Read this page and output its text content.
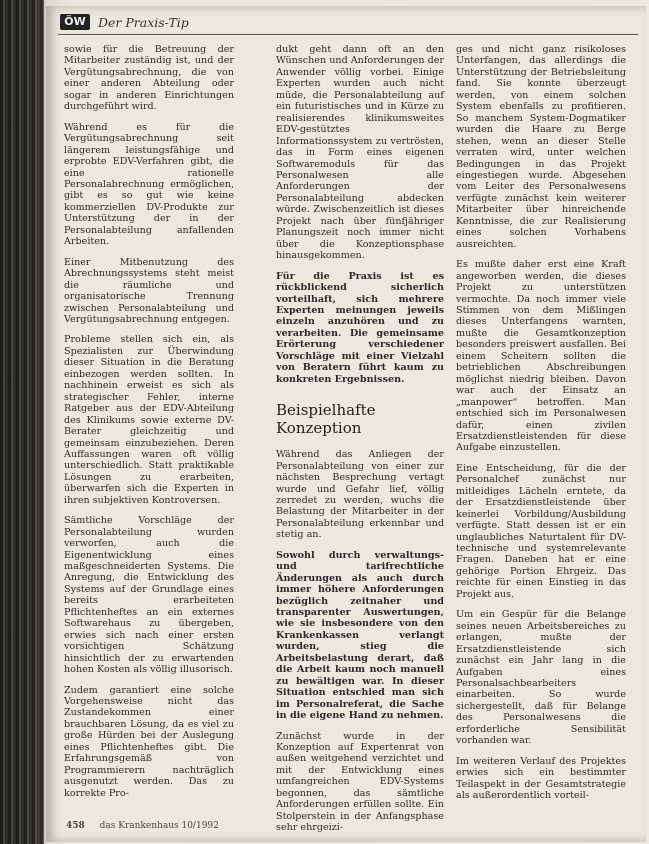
ÖW Der Praxis-Tip

sowie für die Betreuung der Mitarbeiter zuständig ist, und der Vergütungsabrechnung, die von einer anderen Abteilung oder sogar in anderen Einrichtungen durchgeführt wird.

Während es für die Vergütungsabrechnung seit längerem leistungsfähige und erprobte EDV-Verfahren gibt, die eine rationelle Personalabrechnung ermöglichen, gibt es so gut wie keine kommerziellen DV-Produkte zur Unterstützung der in der Personalabteilung anfallenden Arbeiten.

Einer Mitbenutzung des Abrechnungssystems steht meist die räumliche und organisatorische Trennung zwischen Personalabteilung und Vergütungsabrechnung entgegen.

Probleme stellen sich ein, als Spezialisten zur Überwindung dieser Situation in die Beratung einbezogen werden sollten. In nachhinein erweist es sich als strategischer Fehler, interne Ratgeber aus der EDV-Abteilung des Klinikums sowie externe DV-Berater gleichzeitig und gemeinsam einzubeziehen. Deren Auffassungen waren oft völlig unterschiedlich. Statt praktikable Lösungen zu erarbeiten, überwarfen sich die Experten in ihren subjektiven Kontroversen.

Sämtliche Vorschläge der Personalabteilung wurden verworfen, auch die Eigenentwicklung eines maßgeschneiderten Systems. Die Anregung, die Entwicklung des Systems auf der Grundlage eines bereits erarbeiteten Pflichtenheftes an ein externes Softwarehaus zu übergeben, erwies sich nach einer ersten vorsichtigen Schätzung hinsichtlich der zu erwartenden hohen Kosten als völlig illusorisch.

Zudem garantiert eine solche Vorgehensweise nicht das Zustandekommen einer brauchbaren Lösung, da es viel zu große Hürden bei der Auslegung eines Pflichtenheftes gibt. Die Erfahrungsgemäß von Programmierern nachträglich ausgenutzt werden. Das zu korrekte Pro-

dukt geht dann oft an den Wünschen und Anforderungen der Anwender völlig vorbei. Einige Experten wurden auch nicht müde, die Personalabteilung auf ein futuristisches und in Kürze zu realisierendes klinikumsweites EDV-gestütztes Informationssystem zu vertrösten, das in Form eines eigenen Softwaremoduls für das Personalwesen alle Anforderungen der Personalabteilung abdecken würde. Zwischenzeitlich ist dieses Projekt nach über fünfjähriger Planungszeit noch immer nicht über die Konzeptionsphase hinausgekommen.

Für die Praxis ist es rückblickend sicherlich vorteilhaft, sich mehrere Experten meinungen jeweils einzeln anzuhören und zu verarbeiten. Die gemeinsame Erörterung verschiedener Vorschläge mit einer Vielzahl von Beratern führt kaum zu konkreten Ergebnissen.

Beispielhafte Konzeption

Während das Anliegen der Personalabteilung von einer zur nächsten Besprechung vertagt wurde und Gefahr lief, völlig zerredet zu werden, wuchs die Belastung der Mitarbeiter in der Personalabteilung erkennbar und stetig an.

Sowohl durch verwaltungs- und tarifrechtliche Änderungen als auch durch immer höhere Anforderungen bezüglich zeitnaher und transparenter Auswertungen, wie sie insbesondere von den Krankenkassen verlangt wurden, stieg die Arbeitsbelastung derart, daß die Arbeit kaum noch manuell zu bewältigen war. In dieser Situation entschied man sich im Personalreferat, die Sache in die eigene Hand zu nehmen.

Zunächst wurde in der Konzeption auf Expertenrat von außen weitgehend verzichtet und mit der Entwicklung eines umfangreichen EDV-Systems begonnen, das sämtliche Anforderungen erfüllen sollte. Ein Stolperstein in der Anfangsphase sehr ehrgeizi-

ges und nicht ganz risikoloses Unterfangen, das allerdings die Unterstützung der Betriebsleitung fand. Sie konnte überzeugt werden, von einem solchen System ebenfalls zu profitieren. So manchem System-Dogmatiker wurden die Haare zu Berge stehen, wenn an dieser Stelle verraten wird, unter welchen Bedingungen in das Projekt eingestiegen wurde. Abgesehen vom Leiter des Personalwesens verfügte zunächst kein weiterer Mitarbeiter über hinreichende Kenntnisse, die zur Realisierung eines solchen Vorhabens ausreichten.

Es mußte daher erst eine Kraft angeworben werden, die dieses Projekt zu unterstützen vermochte. Da noch immer viele Stimmen von dem Mißlingen dieses Unterfangens warnten, mußte die Gesamtkonzeption besonders preiswert ausfallen. Bei einem Scheitern sollten die betrieblichen Abschreibungen möglichst niedrig bleiben. Davon war auch der Einsatz an „manpower“ betroffen. Man entschied sich im Personalwesen dafür, einen zivilen Ersatzdienstleistenden für diese Aufgabe einzustellen.

Eine Entscheidung, für die der Personalchef zunächst nur mitleidiges Lächeln erntete, da der Ersatzdienstleistende über keinerlei Vorbildung/Ausbildung verfügte. Statt dessen ist er ein unglaubliches Naturtalent für DV-technische und systemrelevante Fragen. Daneben hat er eine gehörige Portion Ehrgeiz. Das reichte für einen Einstieg in das Projekt aus.

Um ein Gespür für die Belange seines neuen Arbeitsbereiches zu erlangen, mußte der Ersatzdienstleistende sich zunächst ein Jahr lang in die Aufgaben eines Personalsachbearbeiters einarbeiten. So wurde sichergestellt, daß für Belange des Personalwesens die erforderliche Sensibilität vorhanden war.

Im weiteren Verlauf des Projektes erwies sich ein bestimmter Teilaspekt in der Gesamtstrategie als außerordentlich vorteil-

458 das Krankenhaus 10/1992
